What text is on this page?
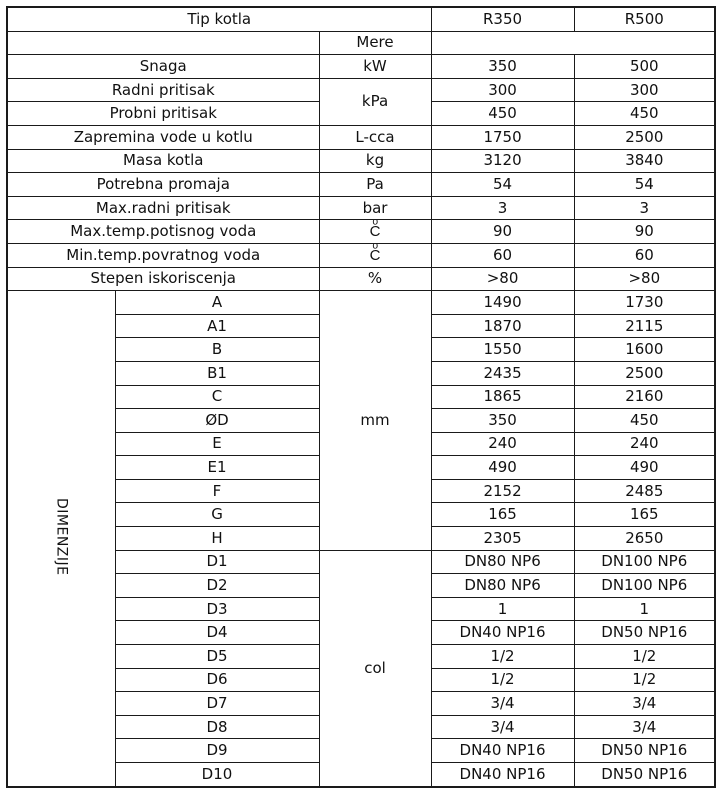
Tip kotla			R350	R500
		Mere		
Snaga		kW	350	500
Radni pritisak		kPa	300	300
Probni pritisak			450	450
Zapremina vode u kotlu		L-cca	1750	2500
Masa kotla		kg	3120	3840
Potrebna promaja		Pa	54	54
Max.radni pritisak		bar	3	3
Max.temp.potisnog voda		Cͦ	90	90
Min.temp.povratnog voda		Cͦ	60	60
Stepen iskoriscenja		%	>80	>80
DIMENZIJE	A	mm	1490	1730
	A1		1870	2115
	B		1550	1600
	B1		2435	2500
	C		1865	2160
	ØD		350	450
	E		240	240
	E1		490	490
	F		2152	2485
	G		165	165
	H		2305	2650
	D1	col	DN80 NP6	DN100 NP6
	D2		DN80 NP6	DN100 NP6
	D3		1	1
	D4		DN40 NP16	DN50 NP16
	D5		1/2	1/2
	D6		1/2	1/2
	D7		3/4	3/4
	D8		3/4	3/4
	D9		DN40 NP16	DN50 NP16
	D10		DN40 NP16	DN50 NP16
